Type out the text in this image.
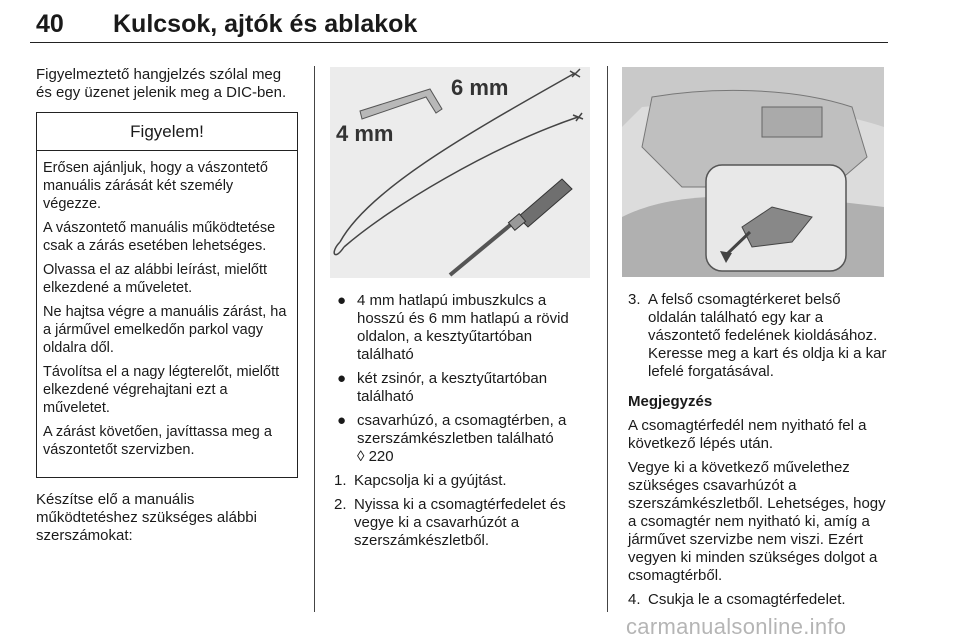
40 Kulcsok, ajtók és ablakok

Figyelmeztető hangjelzés szólal meg és egy üzenet jelenik meg a DIC-ben.

Figyelem!

Erősen ajánljuk, hogy a vászontető manuális zárását két személy végezze.

A vászontető manuális működtetése csak a zárás esetében lehetséges.

Olvassa el az alábbi leírást, mielőtt elkezdené a műveletet.

Ne hajtsa végre a manuális zárást, ha a járművel emelkedőn parkol vagy oldalra dől.

Távolítsa el a nagy légterelőt, mielőtt elkezdené végrehajtani ezt a műveletet.

A zárást követően, javíttassa meg a vászontetőt szervizben.

Készítse elő a manuális működtetéshez szükséges alábbi szerszámokat:

6 mm
4 mm
● 4 mm hatlapú imbuszkulcs a hosszú és 6 mm hatlapú a rövid oldalon, a kesztyűtartóban található
● két zsinór, a kesztyűtartóban található
● csavarhúzó, a csomagtérben, a szerszámkészletben található
◊ 220
1. Kapcsolja ki a gyújtást.
2. Nyissa ki a csomagtérfedelet és vegye ki a csavarhúzót a szerszámkészletből.
3. A felső csomagtérkeret belső oldalán található egy kar a vászontető fedelének kioldásához. Keresse meg a kart és oldja ki a kar lefelé forgatásával.

Megjegyzés

A csomagtérfedél nem nyitható fel a következő lépés után.

Vegye ki a következő művelethez szükséges csavarhúzót a szerszámkészletből. Lehetséges, hogy a csomagtér nem nyitható ki, amíg a járművet szervizbe nem viszi. Ezért vegyen ki minden szükséges dolgot a csomagtérből.

4. Csukja le a csomagtérfedelet.
carmanualsonline.info
